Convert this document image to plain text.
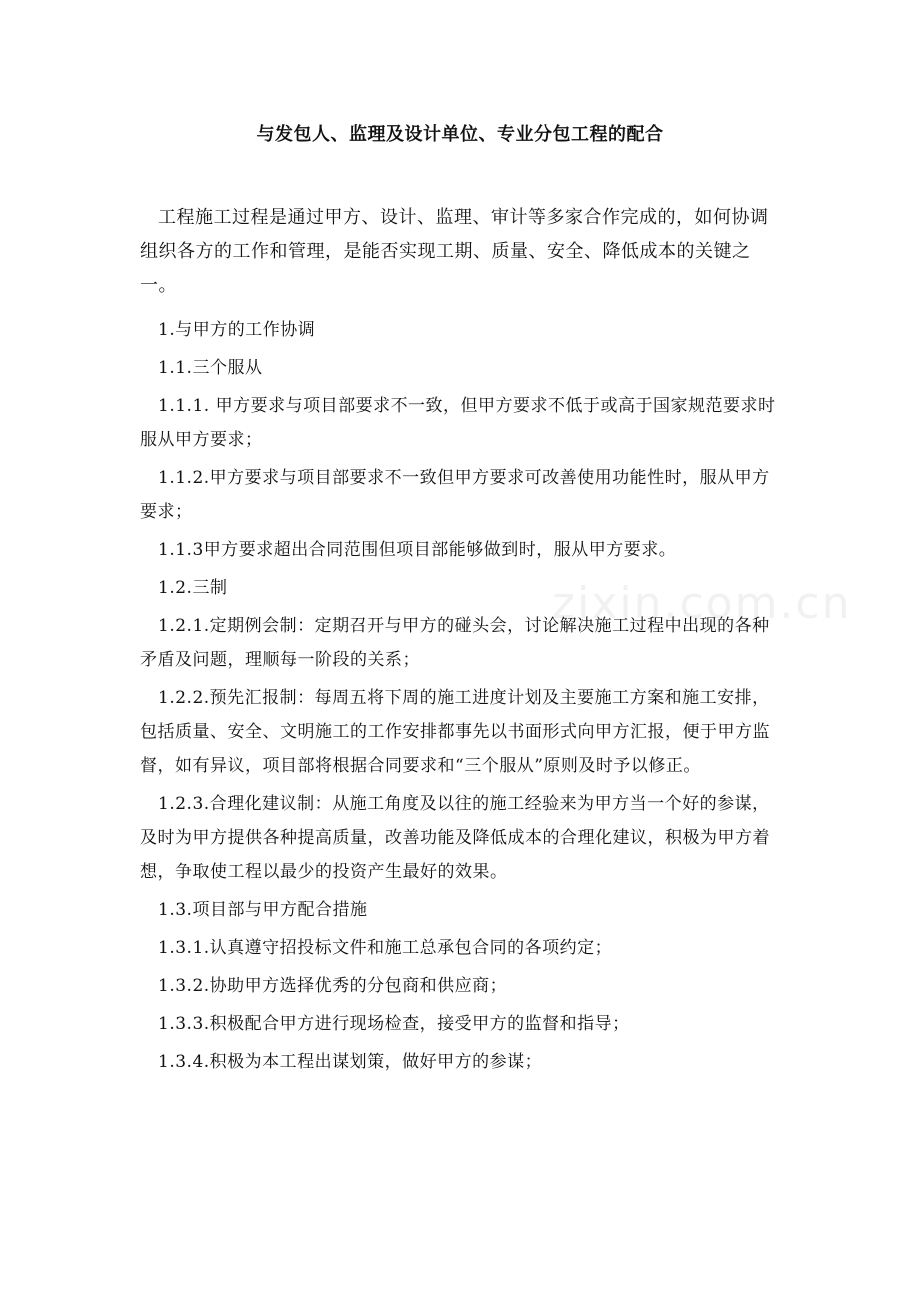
与发包人、监理及设计单位、专业分包工程的配合
工程施工过程是通过甲方、设计、监理、审计等多家合作完成的，如何协调组织各方的工作和管理，是能否实现工期、质量、安全、降低成本的关键之一。

1.与甲方的工作协调

1.1.三个服从

1.1.1. 甲方要求与项目部要求不一致，但甲方要求不低于或高于国家规范要求时服从甲方要求；

1.1.2.甲方要求与项目部要求不一致但甲方要求可改善使用功能性时，服从甲方要求；

1.1.3甲方要求超出合同范围但项目部能够做到时，服从甲方要求。

1.2.三制

1.2.1.定期例会制：定期召开与甲方的碰头会，讨论解决施工过程中出现的各种矛盾及问题，理顺每一阶段的关系；

1.2.2.预先汇报制：每周五将下周的施工进度计划及主要施工方案和施工安排，包括质量、安全、文明施工的工作安排都事先以书面形式向甲方汇报，便于甲方监督，如有异议，项目部将根据合同要求和“三个服从”原则及时予以修正。

1.2.3.合理化建议制：从施工角度及以往的施工经验来为甲方当一个好的参谋，及时为甲方提供各种提高质量，改善功能及降低成本的合理化建议，积极为甲方着想，争取使工程以最少的投资产生最好的效果。

1.3.项目部与甲方配合措施

1.3.1.认真遵守招投标文件和施工总承包合同的各项约定；

1.3.2.协助甲方选择优秀的分包商和供应商；

1.3.3.积极配合甲方进行现场检查，接受甲方的监督和指导；

1.3.4.积极为本工程出谋划策，做好甲方的参谋；

zixin.com.cn
